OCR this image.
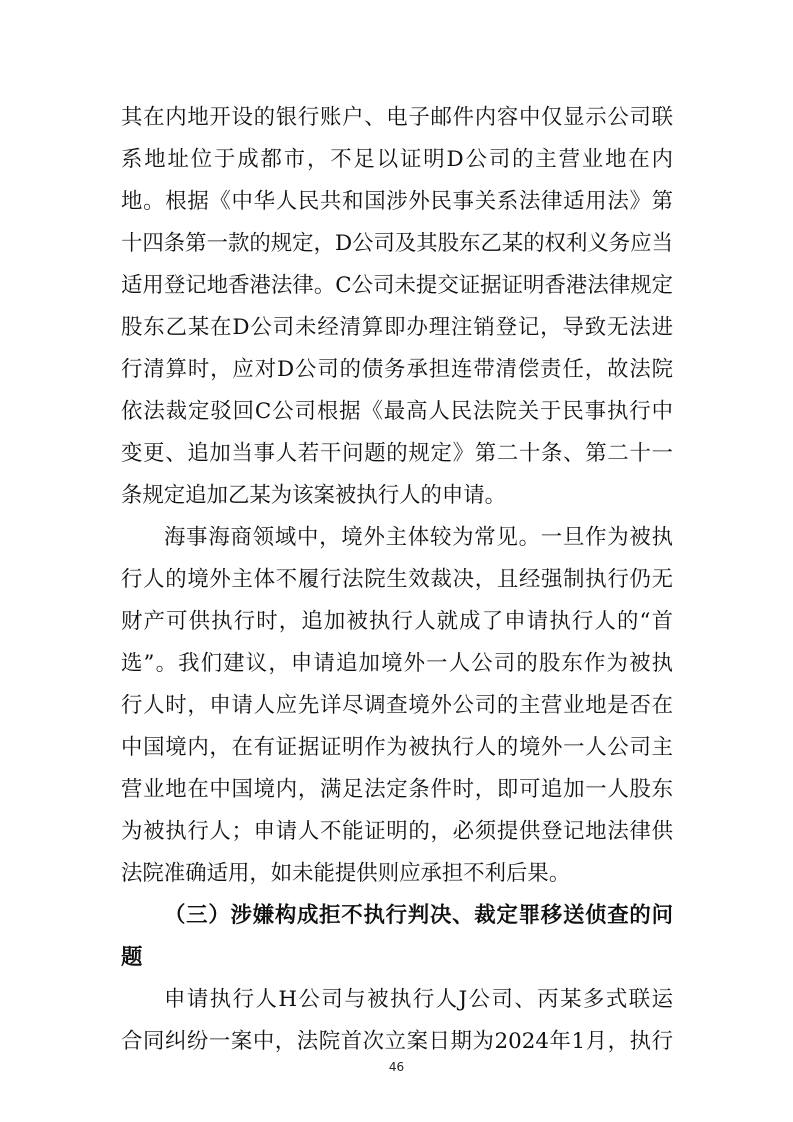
其在内地开设的银行账户、电子邮件内容中仅显示公司联
系地址位于成都市，不足以证明D公司的主营业地在内
地。根据《中华人民共和国涉外民事关系法律适用法》第
十四条第一款的规定，D公司及其股东乙某的权利义务应当
适用登记地香港法律。C公司未提交证据证明香港法律规定
股东乙某在D公司未经清算即办理注销登记，导致无法进
行清算时，应对D公司的债务承担连带清偿责任，故法院
依法裁定驳回C公司根据《最高人民法院关于民事执行中
变更、追加当事人若干问题的规定》第二十条、第二十一
条规定追加乙某为该案被执行人的申请。
海事海商领域中，境外主体较为常见。一旦作为被执
行人的境外主体不履行法院生效裁决，且经强制执行仍无
财产可供执行时，追加被执行人就成了申请执行人的“首
选”。我们建议，申请追加境外一人公司的股东作为被执
行人时，申请人应先详尽调查境外公司的主营业地是否在
中国境内，在有证据证明作为被执行人的境外一人公司主
营业地在中国境内，满足法定条件时，即可追加一人股东
为被执行人；申请人不能证明的，必须提供登记地法律供
法院准确适用，如未能提供则应承担不利后果。
（三）涉嫌构成拒不执行判决、裁定罪移送侦查的问
题
申请执行人H公司与被执行人J公司、丙某多式联运
合同纠纷一案中，法院首次立案日期为2024年1月，执行
46
